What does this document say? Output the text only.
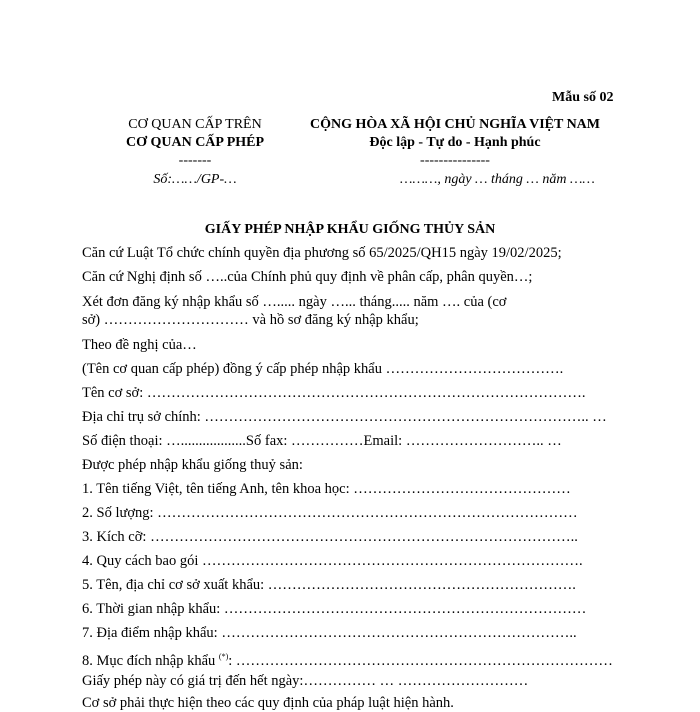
Mẫu số 02
CƠ QUAN CẤP TRÊN
CƠ QUAN CẤP PHÉP
-------
CỘNG HÒA XÃ HỘI CHỦ NGHĨA VIỆT NAM
Độc lập - Tự do - Hạnh phúc
---------------
Số:……/GP-…	………, ngày … tháng … năm ……
GIẤY PHÉP NHẬP KHẨU GIỐNG THỦY SẢN
Căn cứ Luật Tổ chức chính quyền địa phương số 65/2025/QH15 ngày 19/02/2025;
Căn cứ Nghị định số …..của Chính phủ quy định về phân cấp, phân quyền…;
Xét đơn đăng ký nhập khẩu số …..... ngày …... tháng..... năm …. của (cơ sở) ………………………… và hồ sơ đăng ký nhập khẩu;
Theo đề nghị của…
(Tên cơ quan cấp phép) đồng ý cấp phép nhập khẩu ……………………………….
Tên cơ sở: ……………………………………………………………………………….
Địa chỉ trụ sở chính: …………………………………………………………………….. …
Số điện thoại: …..................Số fax: ……………Email: ……………………….. …
Được phép nhập khẩu giống thuỷ sản:
1. Tên tiếng Việt, tên tiếng Anh, tên khoa học: ………………………………………
2. Số lượng: ……………………………………………………………………………
3. Kích cỡ: ……………………………………………………………………………..
4. Quy cách bao gói …………………………………………………………………….
5. Tên, địa chỉ cơ sở xuất khẩu: ……………………………………………………….
6. Thời gian nhập khẩu: …………………………………………………………………
7. Địa điểm nhập khẩu: ………………………………………………………………..
8. Mục đích nhập khẩu (*): ……………………………………………………………………
Giấy phép này có giá trị đến hết ngày:…………… … ………………………
Cơ sở phải thực hiện theo các quy định của pháp luật hiện hành.
